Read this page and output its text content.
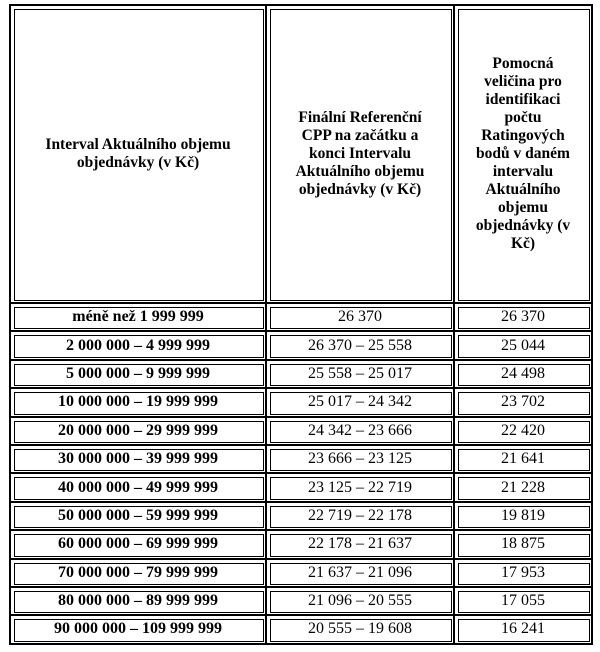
Interval Aktuálního objemu objednávky (v Kč)	Finální Referenční CPP na začátku a konci Intervalu Aktuálního objemu objednávky (v Kč)	Pomocná veličina pro identifikaci počtu Ratingových bodů v daném intervalu Aktuálního objemu objednávky (v Kč)

méně než 1 999 999	26 370	26 370
2 000 000 – 4 999 999	26 370 – 25 558	25 044
5 000 000 – 9 999 999	25 558 – 25 017	24 498
10 000 000 – 19 999 999	25 017 – 24 342	23 702
20 000 000 – 29 999 999	24 342 – 23 666	22 420
30 000 000 – 39 999 999	23 666 – 23 125	21 641
40 000 000 – 49 999 999	23 125 – 22 719	21 228
50 000 000 – 59 999 999	22 719 – 22 178	19 819
60 000 000 – 69 999 999	22 178 – 21 637	18 875
70 000 000 – 79 999 999	21 637 – 21 096	17 953
80 000 000 – 89 999 999	21 096 – 20 555	17 055
90 000 000 – 109 999 999	20 555 – 19 608	16 241
